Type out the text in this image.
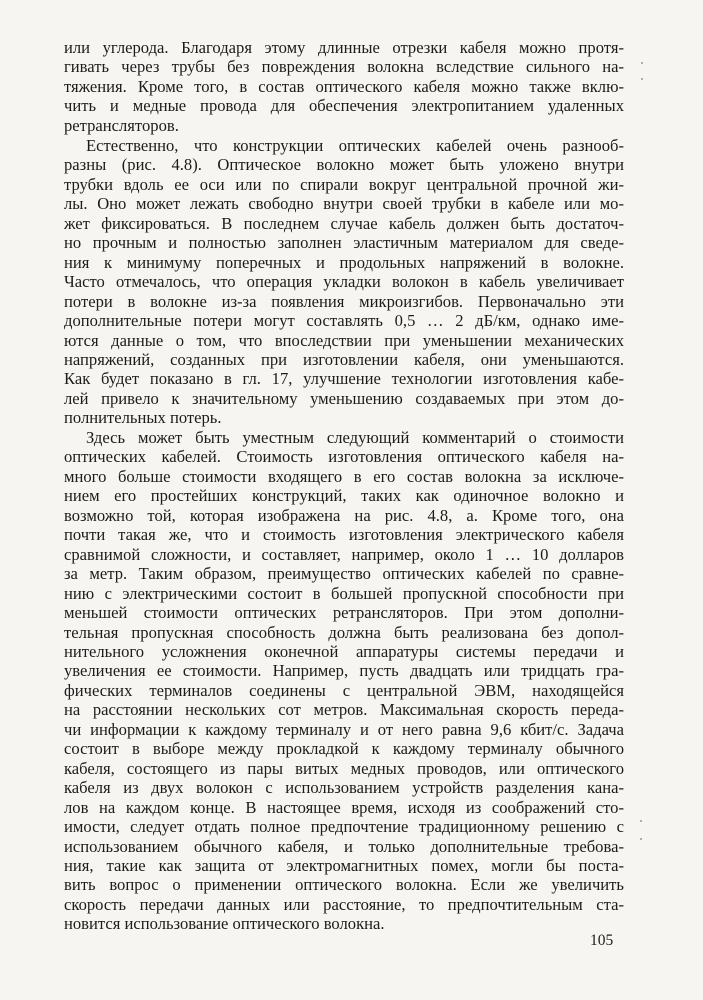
или углерода. Благодаря этому длинные отрезки кабеля можно протя-
гивать через трубы без повреждения волокна вследствие сильного на-
тяжения. Кроме того, в состав оптического кабеля можно также вклю-
чить и медные провода для обеспечения электропитанием удаленных
ретрансляторов.
Естественно, что конструкции оптических кабелей очень разнооб-
разны (рис. 4.8). Оптическое волокно может быть уложено внутри
трубки вдоль ее оси или по спирали вокруг центральной прочной жи-
лы. Оно может лежать свободно внутри своей трубки в кабеле или мо-
жет фиксироваться. В последнем случае кабель должен быть достаточ-
но прочным и полностью заполнен эластичным материалом для сведе-
ния к минимуму поперечных и продольных напряжений в волокне.
Часто отмечалось, что операция укладки волокон в кабель увеличивает
потери в волокне из-за появления микроизгибов. Первоначально эти
дополнительные потери могут составлять 0,5 … 2 дБ/км, однако име-
ются данные о том, что впоследствии при уменьшении механических
напряжений, созданных при изготовлении кабеля, они уменьшаются.
Как будет показано в гл. 17, улучшение технологии изготовления кабе-
лей привело к значительному уменьшению создаваемых при этом до-
полнительных потерь.
Здесь может быть уместным следующий комментарий о стоимости
оптических кабелей. Стоимость изготовления оптического кабеля на-
много больше стоимости входящего в его состав волокна за исключе-
нием его простейших конструкций, таких как одиночное волокно и
возможно той, которая изображена на рис. 4.8, а. Кроме того, она
почти такая же, что и стоимость изготовления электрического кабеля
сравнимой сложности, и составляет, например, около 1 … 10 долларов
за метр. Таким образом, преимущество оптических кабелей по сравне-
нию с электрическими состоит в большей пропускной способности при
меньшей стоимости оптических ретрансляторов. При этом дополни-
тельная пропускная способность должна быть реализована без допол-
нительного усложнения оконечной аппаратуры системы передачи и
увеличения ее стоимости. Например, пусть двадцать или тридцать гра-
фических терминалов соединены с центральной ЭВМ, находящейся
на расстоянии нескольких сот метров. Максимальная скорость переда-
чи информации к каждому терминалу и от него равна 9,6 кбит/с. Задача
состоит в выборе между прокладкой к каждому терминалу обычного
кабеля, состоящего из пары витых медных проводов, или оптического
кабеля из двух волокон с использованием устройств разделения кана-
лов на каждом конце. В настоящее время, исходя из соображений сто-
имости, следует отдать полное предпочтение традиционному решению с
использованием обычного кабеля, и только дополнительные требова-
ния, такие как защита от электромагнитных помех, могли бы поста-
вить вопрос о применении оптического волокна. Если же увеличить
скорость передачи данных или расстояние, то предпочтительным ста-
новится использование оптического волокна.
105
